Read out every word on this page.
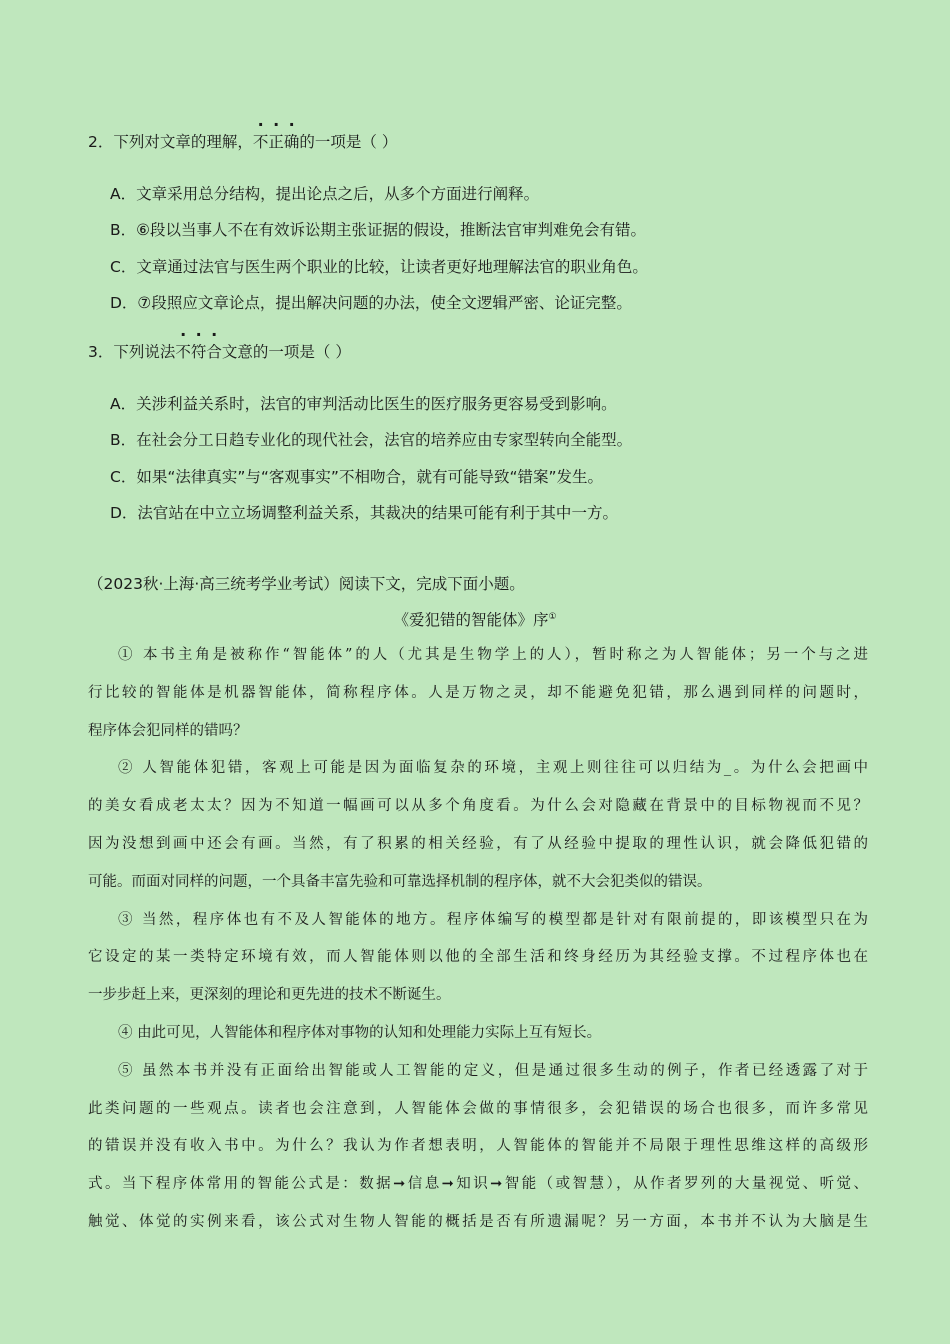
2．下列对文章的理解，不正确的一项是（ ）
A．文章采用总分结构，提出论点之后，从多个方面进行阐释。
B．⑥段以当事人不在有效诉讼期主张证据的假设，推断法官审判难免会有错。
C．文章通过法官与医生两个职业的比较，让读者更好地理解法官的职业角色。
D．⑦段照应文章论点，提出解决问题的办法，使全文逻辑严密、论证完整。
3．下列说法不符合文意的一项是（ ）
A．关涉利益关系时，法官的审判活动比医生的医疗服务更容易受到影响。
B．在社会分工日趋专业化的现代社会，法官的培养应由专家型转向全能型。
C．如果“法律真实”与“客观事实”不相吻合，就有可能导致“错案”发生。
D．法官站在中立立场调整利益关系，其裁决的结果可能有利于其中一方。
（2023秋·上海·高三统考学业考试）阅读下文，完成下面小题。
《爱犯错的智能体》序①
① 本书主角是被称作“智能体”的人（尤其是生物学上的人），暂时称之为人智能体；另一个与之进
行比较的智能体是机器智能体，简称程序体。人是万物之灵，却不能避免犯错，那么遇到同样的问题时，
程序体会犯同样的错吗？
② 人智能体犯错，客观上可能是因为面临复杂的环境，主观上则往往可以归结为_。为什么会把画中
的美女看成老太太？因为不知道一幅画可以从多个角度看。为什么会对隐藏在背景中的目标物视而不见？
因为没想到画中还会有画。当然，有了积累的相关经验，有了从经验中提取的理性认识，就会降低犯错的
可能。而面对同样的问题，一个具备丰富先验和可靠选择机制的程序体，就不大会犯类似的错误。
③ 当然，程序体也有不及人智能体的地方。程序体编写的模型都是针对有限前提的，即该模型只在为
它设定的某一类特定环境有效，而人智能体则以他的全部生活和终身经历为其经验支撑。不过程序体也在
一步步赶上来，更深刻的理论和更先进的技术不断诞生。
④ 由此可见，人智能体和程序体对事物的认知和处理能力实际上互有短长。
⑤ 虽然本书并没有正面给出智能或人工智能的定义，但是通过很多生动的例子，作者已经透露了对于
此类问题的一些观点。读者也会注意到，人智能体会做的事情很多，会犯错误的场合也很多，而许多常见
的错误并没有收入书中。为什么？我认为作者想表明，人智能体的智能并不局限于理性思维这样的高级形
式。当下程序体常用的智能公式是：数据➞信息➞知识➞智能（或智慧），从作者罗列的大量视觉、听觉、
触觉、体觉的实例来看，该公式对生物人智能的概括是否有所遗漏呢？另一方面，本书并不认为大脑是生
